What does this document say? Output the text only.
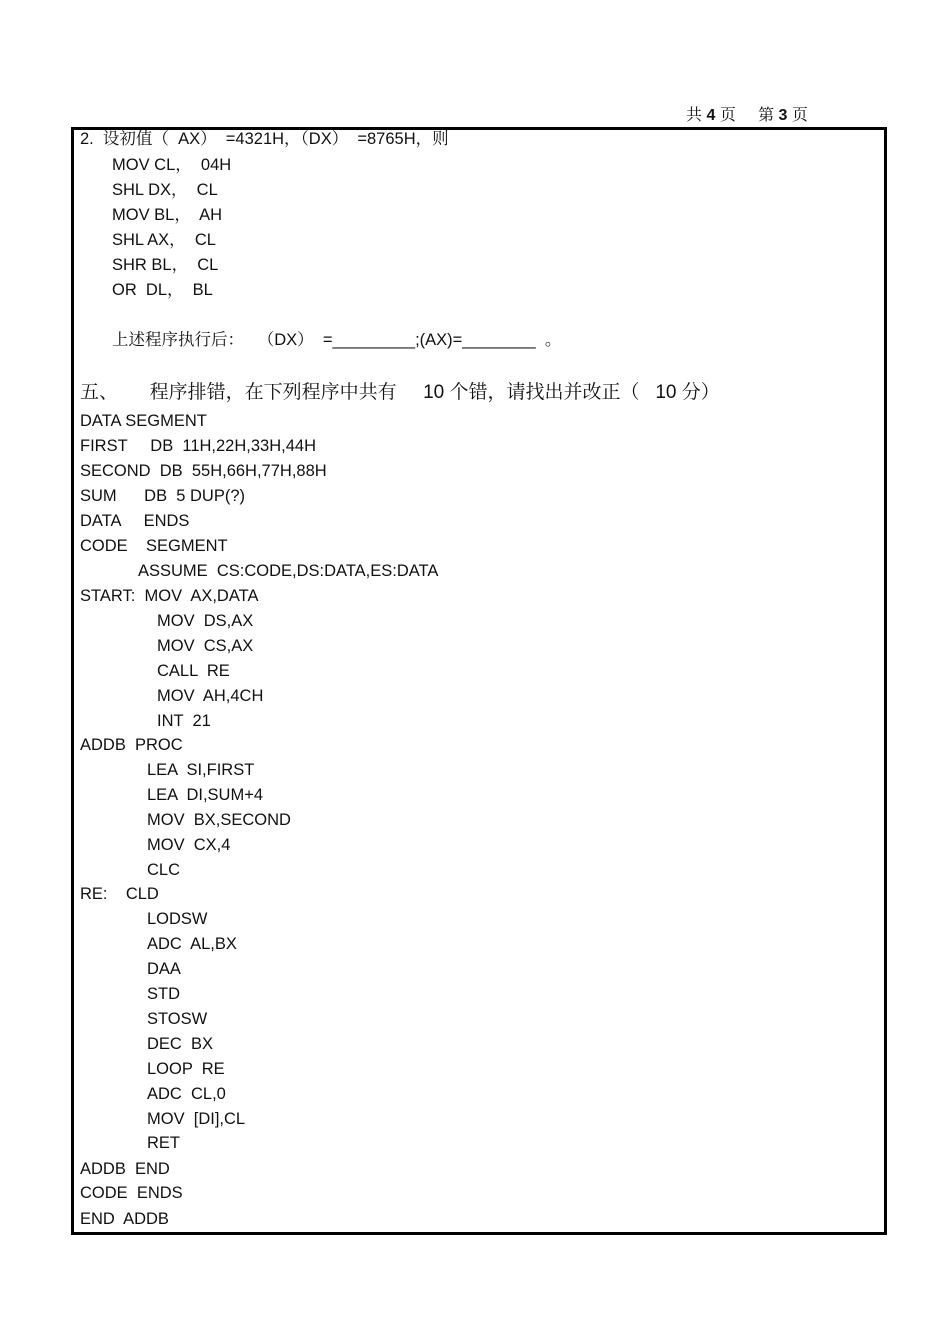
共 4 页 第 3 页
2.  设初值（  AX）  =4321H，（DX）  =8765H，则
MOV CL，  04H
SHL DX，  CL
MOV BL，  AH
SHL AX，  CL
SHR BL，  CL
OR  DL，  BL
上述程序执行后：   （DX）  =_________;(AX)=________  。
五、      程序排错，在下列程序中共有     10 个错，请找出并改正（   10 分）
DATA SEGMENT
FIRST     DB  11H,22H,33H,44H
SECOND  DB  55H,66H,77H,88H
SUM      DB  5 DUP(?)
DATA     ENDS
CODE    SEGMENT
ASSUME  CS:CODE,DS:DATA,ES:DATA
START:  MOV  AX,DATA
MOV  DS,AX
MOV  CS,AX
CALL  RE
MOV  AH,4CH
INT  21
ADDB  PROC
LEA  SI,FIRST
LEA  DI,SUM+4
MOV  BX,SECOND
MOV  CX,4
CLC
RE:    CLD
LODSW
ADC  AL,BX
DAA
STD
STOSW
DEC  BX
LOOP  RE
ADC  CL,0
MOV  [DI],CL
RET
ADDB  END
CODE  ENDS
END  ADDB
